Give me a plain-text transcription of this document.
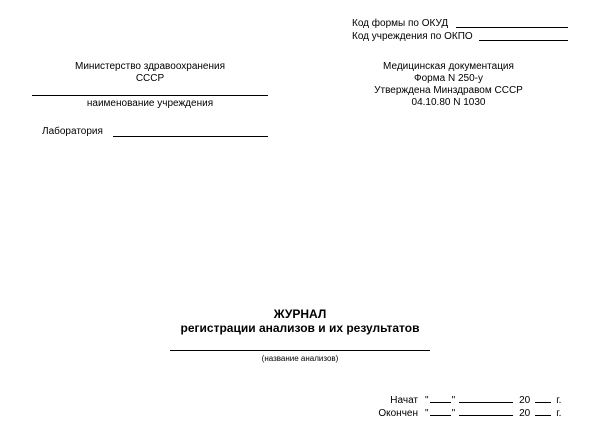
Код формы по ОКУД
Код учреждения по ОКПО
Министерство здравоохранения
СССР
наименование учреждения
Лаборатория
Медицинская документация
Форма N 250-у
Утверждена Минздравом СССР
04.10.80 N 1030
ЖУРНАЛ
регистрации анализов и их результатов
(название анализов)
Начат " "	20	г.
Окончен " "	20	г.
